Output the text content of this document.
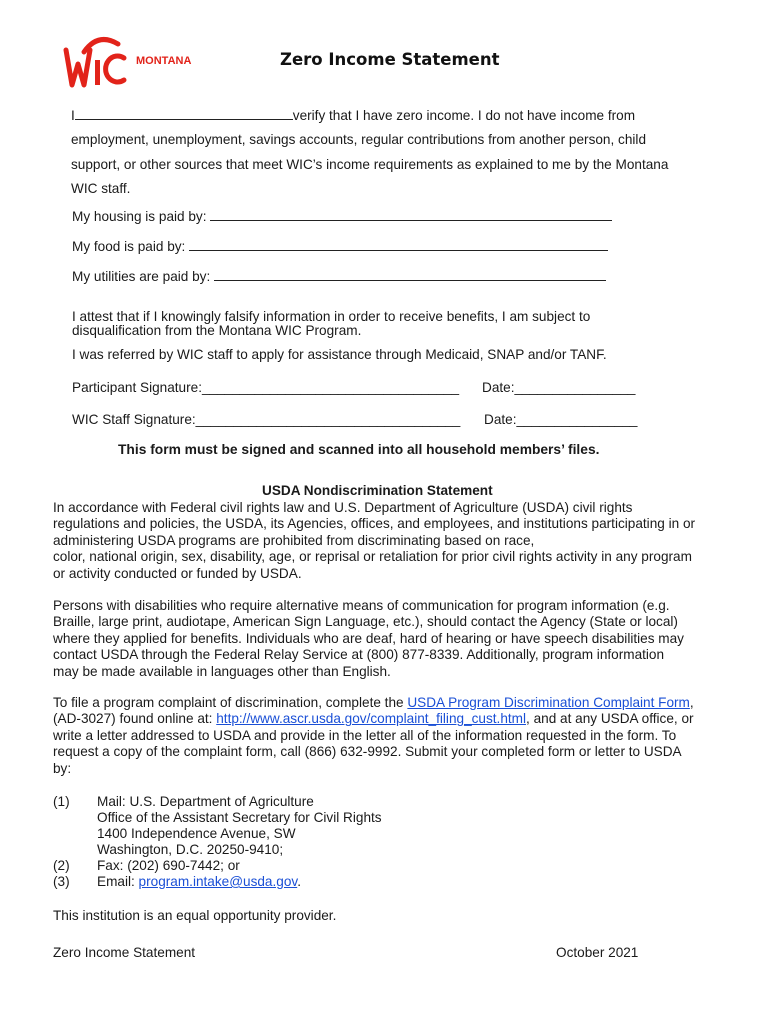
MONTANA	Zero Income Statement
I	verify that I have zero income. I do not have income from
employment, unemployment, savings accounts, regular contributions from another person, child
support, or other sources that meet WIC’s income requirements as explained to me by the Montana
WIC staff.
My housing is paid by:
My food is paid by:
My utilities are paid by:
I attest that if I knowingly falsify information in order to receive benefits, I am subject to
disqualification from the Montana WIC Program.
I was referred by WIC staff to apply for assistance through Medicaid, SNAP and/or TANF.
Participant Signature:__________________________________ Date:________________
WIC Staff Signature:___________________________________ Date:________________
This form must be signed and scanned into all household members’ files.
USDA Nondiscrimination Statement
In accordance with Federal civil rights law and U.S. Department of Agriculture (USDA) civil rights
regulations and policies, the USDA, its Agencies, offices, and employees, and institutions participating in or
administering USDA programs are prohibited from discriminating based on race,
color, national origin, sex, disability, age, or reprisal or retaliation for prior civil rights activity in any program
or activity conducted or funded by USDA.
Persons with disabilities who require alternative means of communication for program information (e.g.
Braille, large print, audiotape, American Sign Language, etc.), should contact the Agency (State or local)
where they applied for benefits. Individuals who are deaf, hard of hearing or have speech disabilities may
contact USDA through the Federal Relay Service at (800) 877-8339. Additionally, program information
may be made available in languages other than English.
To file a program complaint of discrimination, complete the USDA Program Discrimination Complaint Form,
(AD-3027) found online at: http://www.ascr.usda.gov/complaint_filing_cust.html, and at any USDA office, or
write a letter addressed to USDA and provide in the letter all of the information requested in the form. To
request a copy of the complaint form, call (866) 632-9992. Submit your completed form or letter to USDA
by:
(1) Mail: U.S. Department of Agriculture
Office of the Assistant Secretary for Civil Rights
1400 Independence Avenue, SW
Washington, D.C. 20250-9410;
(2) Fax: (202) 690-7442; or
(3) Email: program.intake@usda.gov.
This institution is an equal opportunity provider.
Zero Income Statement	October 2021
